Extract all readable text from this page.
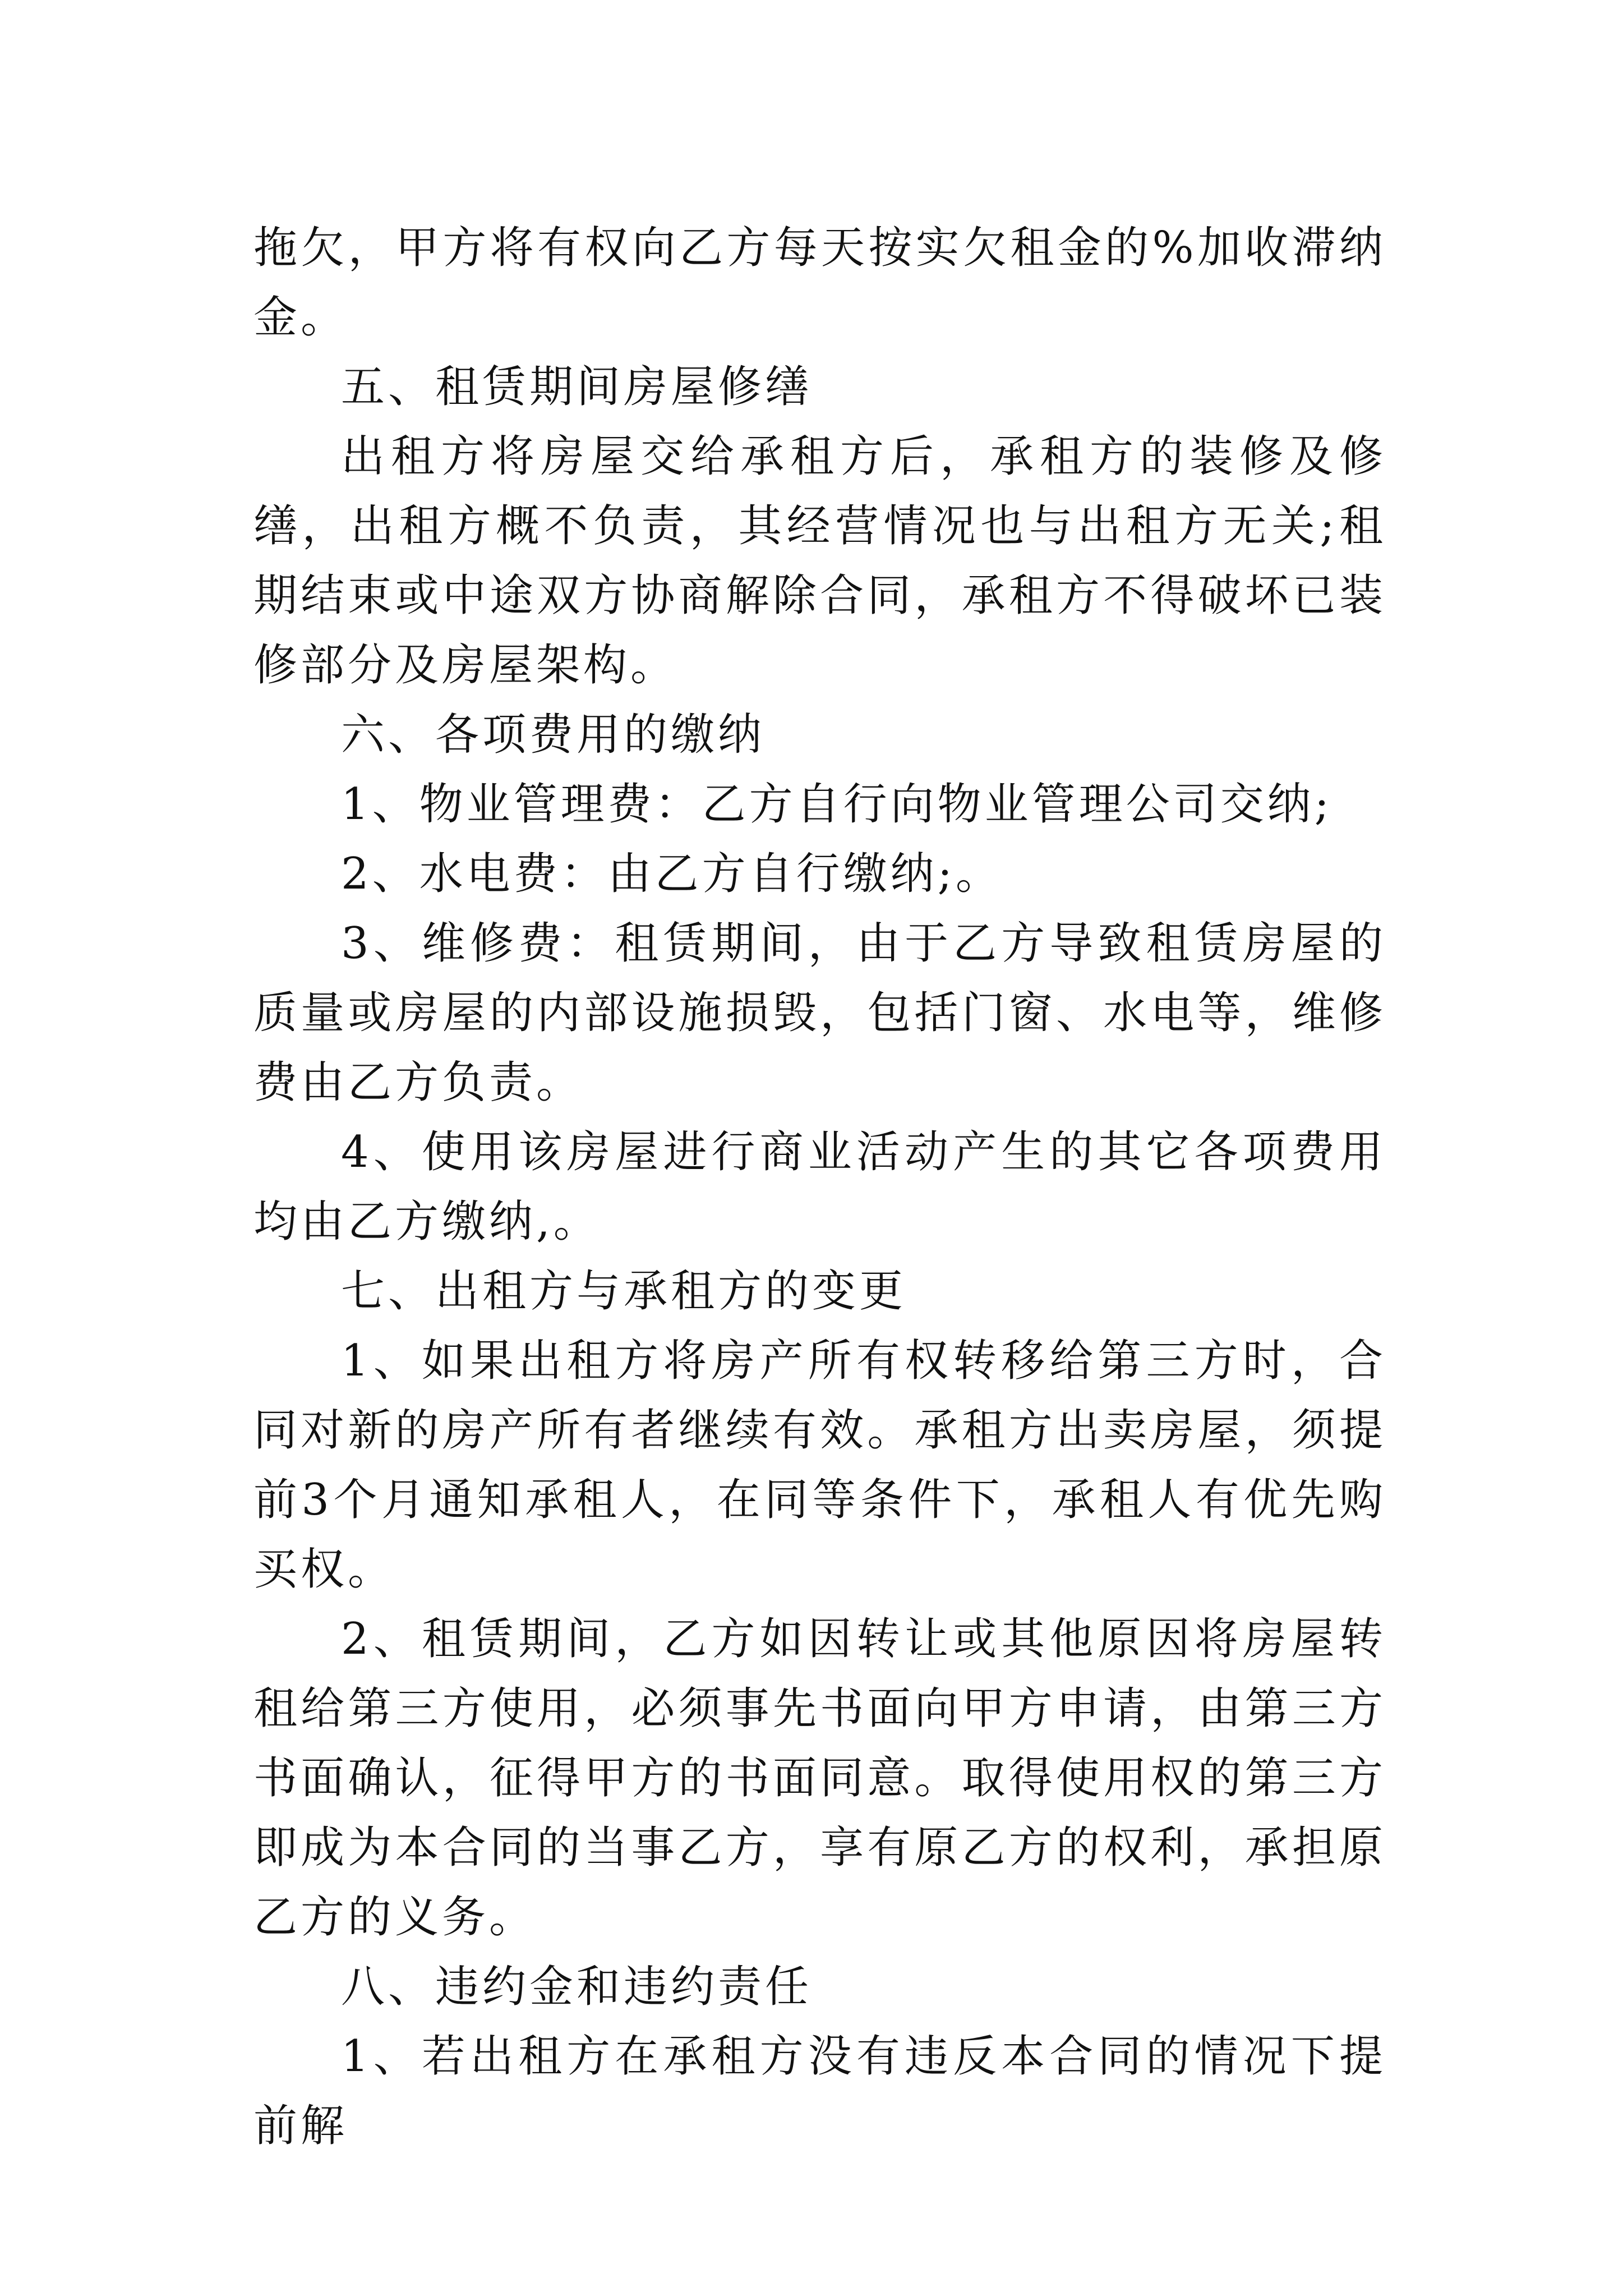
拖欠，甲方将有权向乙方每天按实欠租金的%加收滞纳金。

五、租赁期间房屋修缮

出租方将房屋交给承租方后，承租方的装修及修缮，出租方概不负责，其经营情况也与出租方无关;租期结束或中途双方协商解除合同，承租方不得破坏已装修部分及房屋架构。

六、各项费用的缴纳

1、物业管理费：乙方自行向物业管理公司交纳;

2、水电费：由乙方自行缴纳;。

3、维修费：租赁期间，由于乙方导致租赁房屋的质量或房屋的内部设施损毁，包括门窗、水电等，维修费由乙方负责。

4、使用该房屋进行商业活动产生的其它各项费用均由乙方缴纳,。

七、出租方与承租方的变更

1、如果出租方将房产所有权转移给第三方时，合同对新的房产所有者继续有效。承租方出卖房屋，须提前3个月通知承租人，在同等条件下，承租人有优先购买权。

2、租赁期间，乙方如因转让或其他原因将房屋转租给第三方使用，必须事先书面向甲方申请，由第三方书面确认，征得甲方的书面同意。取得使用权的第三方即成为本合同的当事乙方，享有原乙方的权利，承担原乙方的义务。

八、违约金和违约责任

1、若出租方在承租方没有违反本合同的情况下提前解
